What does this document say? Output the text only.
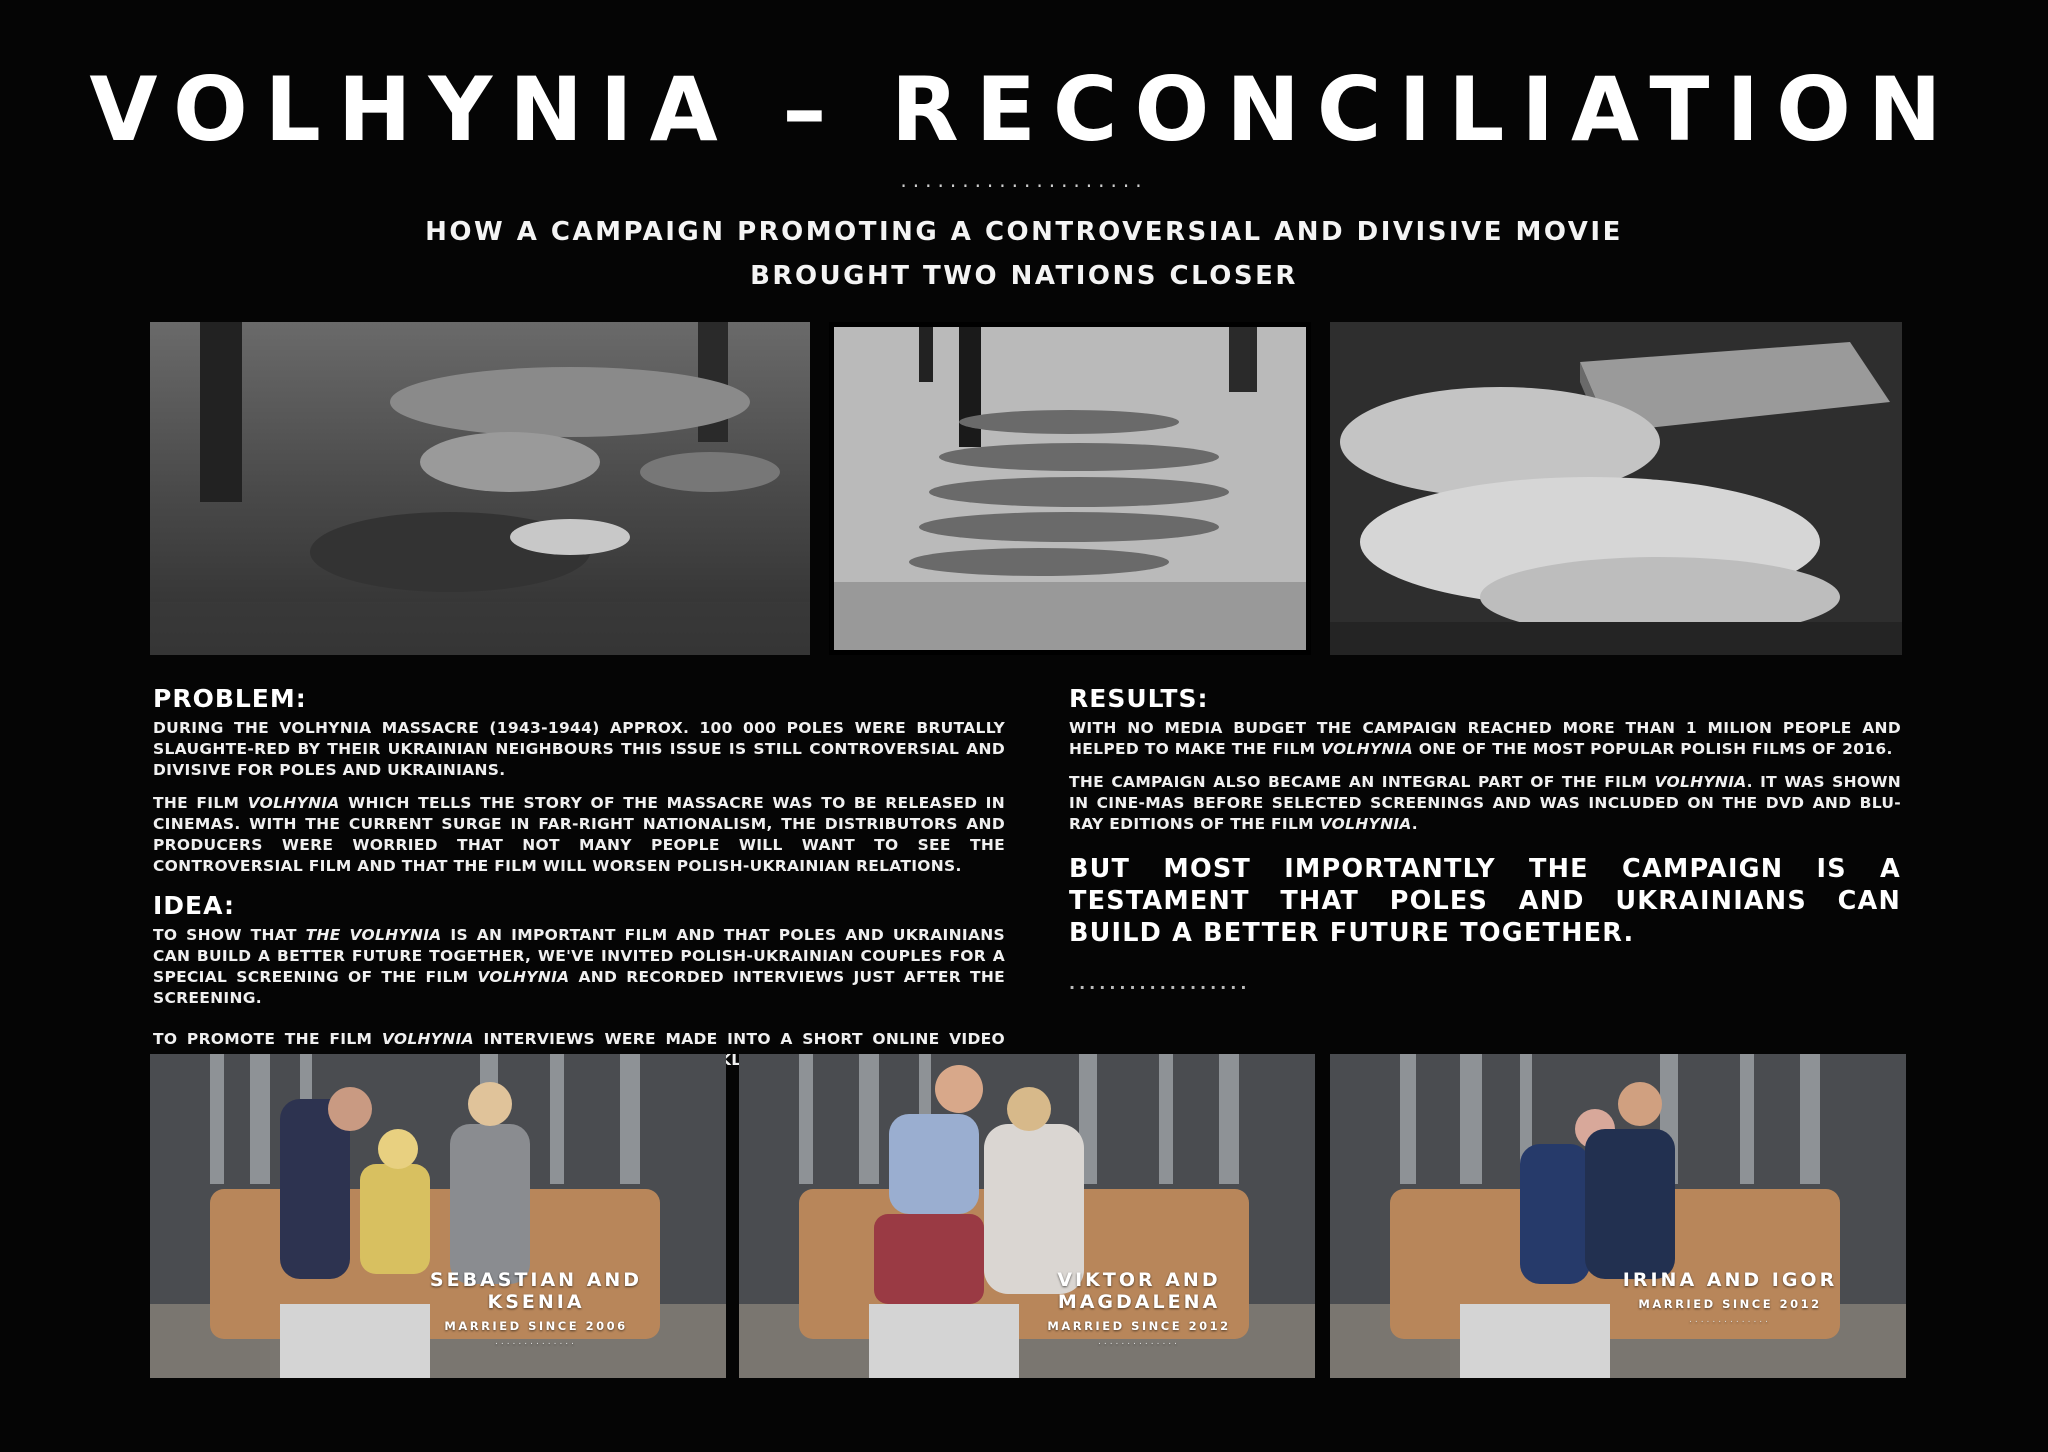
VOLHYNIA – RECONCILIATION
....................
HOW A CAMPAIGN PROMOTING A CONTROVERSIAL AND DIVISIVE MOVIE
BROUGHT TWO NATIONS CLOSER
PROBLEM:

DURING THE VOLHYNIA MASSACRE (1943-1944) APPROX. 100 000 POLES WERE BRUTALLY SLAUGHTE-RED BY THEIR UKRAINIAN NEIGHBOURS THIS ISSUE IS STILL CONTROVERSIAL AND DIVISIVE FOR POLES AND UKRAINIANS.

THE FILM VOLHYNIA WHICH TELLS THE STORY OF THE MASSACRE WAS TO BE RELEASED IN CINEMAS. WITH THE CURRENT SURGE IN FAR-RIGHT NATIONALISM, THE DISTRIBUTORS AND PRODUCERS WERE WORRIED THAT NOT MANY PEOPLE WILL WANT TO SEE THE CONTROVERSIAL FILM AND THAT THE FILM WILL WORSEN POLISH-UKRAINIAN RELATIONS.

IDEA:

TO SHOW THAT THE VOLHYNIA IS AN IMPORTANT FILM AND THAT POLES AND UKRAINIANS CAN BUILD A BETTER FUTURE TOGETHER, WE'VE INVITED POLISH-UKRAINIAN COUPLES FOR A SPECIAL SCREENING OF THE FILM VOLHYNIA AND RECORDED INTERVIEWS JUST AFTER THE SCREENING.

TO PROMOTE THE FILM VOLHYNIA INTERVIEWS WERE MADE INTO A SHORT ONLINE VIDEO

RESULTS:

WITH NO MEDIA BUDGET THE CAMPAIGN REACHED MORE THAN 1 MILION PEOPLE AND HELPED TO MAKE THE FILM VOLHYNIA ONE OF THE MOST POPULAR POLISH FILMS OF 2016.

THE CAMPAIGN ALSO BECAME AN INTEGRAL PART OF THE FILM VOLHYNIA. IT WAS SHOWN IN CINE-MAS BEFORE SELECTED SCREENINGS AND WAS INCLUDED ON THE DVD AND BLU-RAY EDITIONS OF THE FILM VOLHYNIA.

BUT MOST IMPORTANTLY THE CAMPAIGN IS A TESTAMENT THAT POLES AND UKRAINIANS CAN BUILD A BETTER FUTURE TOGETHER.
..................
SEBASTIAN AND KSENIA
MARRIED SINCE 2006
..............
VIKTOR AND MAGDALENA
MARRIED SINCE 2012
..............
IRINA AND IGOR
MARRIED SINCE 2012
..............
